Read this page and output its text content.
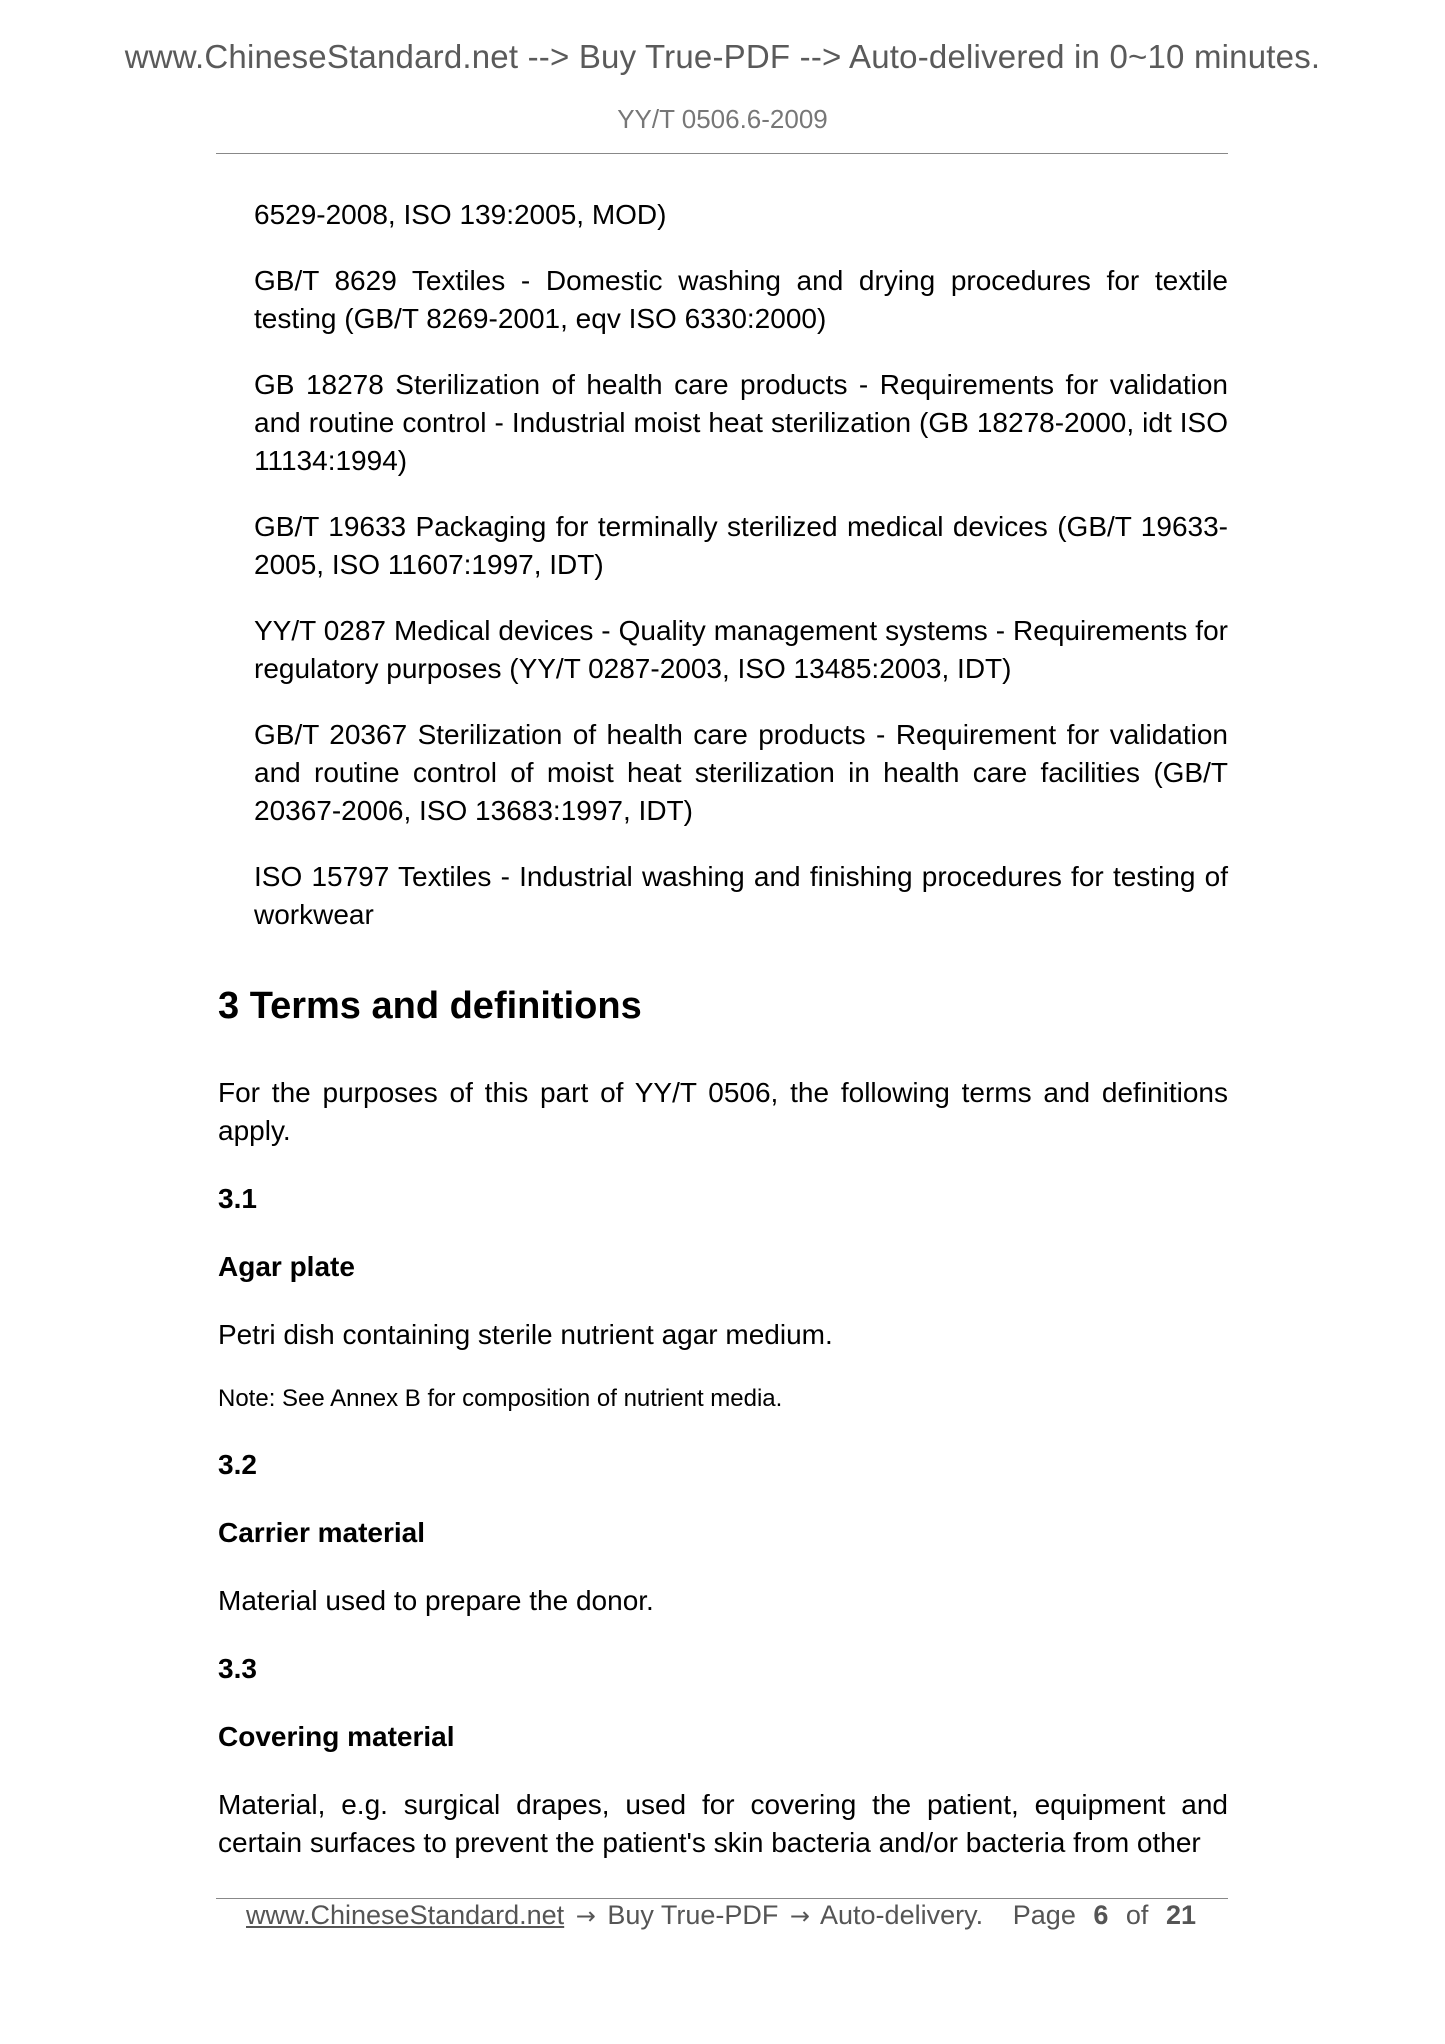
www.ChineseStandard.net --> Buy True-PDF --> Auto-delivered in 0~10 minutes.
YY/T 0506.6-2009
6529-2008, ISO 139:2005, MOD)
GB/T 8629 Textiles - Domestic washing and drying procedures for textile testing (GB/T 8269-2001, eqv ISO 6330:2000)
GB 18278 Sterilization of health care products - Requirements for validation and routine control - Industrial moist heat sterilization (GB 18278-2000, idt ISO 11134:1994)
GB/T 19633 Packaging for terminally sterilized medical devices (GB/T 19633-2005, ISO 11607:1997, IDT)
YY/T 0287 Medical devices - Quality management systems - Requirements for regulatory purposes (YY/T 0287-2003, ISO 13485:2003, IDT)
GB/T 20367 Sterilization of health care products - Requirement for validation and routine control of moist heat sterilization in health care facilities (GB/T 20367-2006, ISO 13683:1997, IDT)
ISO 15797 Textiles - Industrial washing and finishing procedures for testing of workwear
3 Terms and definitions

For the purposes of this part of YY/T 0506, the following terms and definitions apply.

3.1
Agar plate
Petri dish containing sterile nutrient agar medium.
Note: See Annex B for composition of nutrient media.
3.2
Carrier material
Material used to prepare the donor.
3.3
Covering material
Material, e.g. surgical drapes, used for covering the patient, equipment and certain surfaces to prevent the patient's skin bacteria and/or bacteria from other
www.ChineseStandard.net → Buy True-PDF → Auto-delivery. Page 6 of 21
